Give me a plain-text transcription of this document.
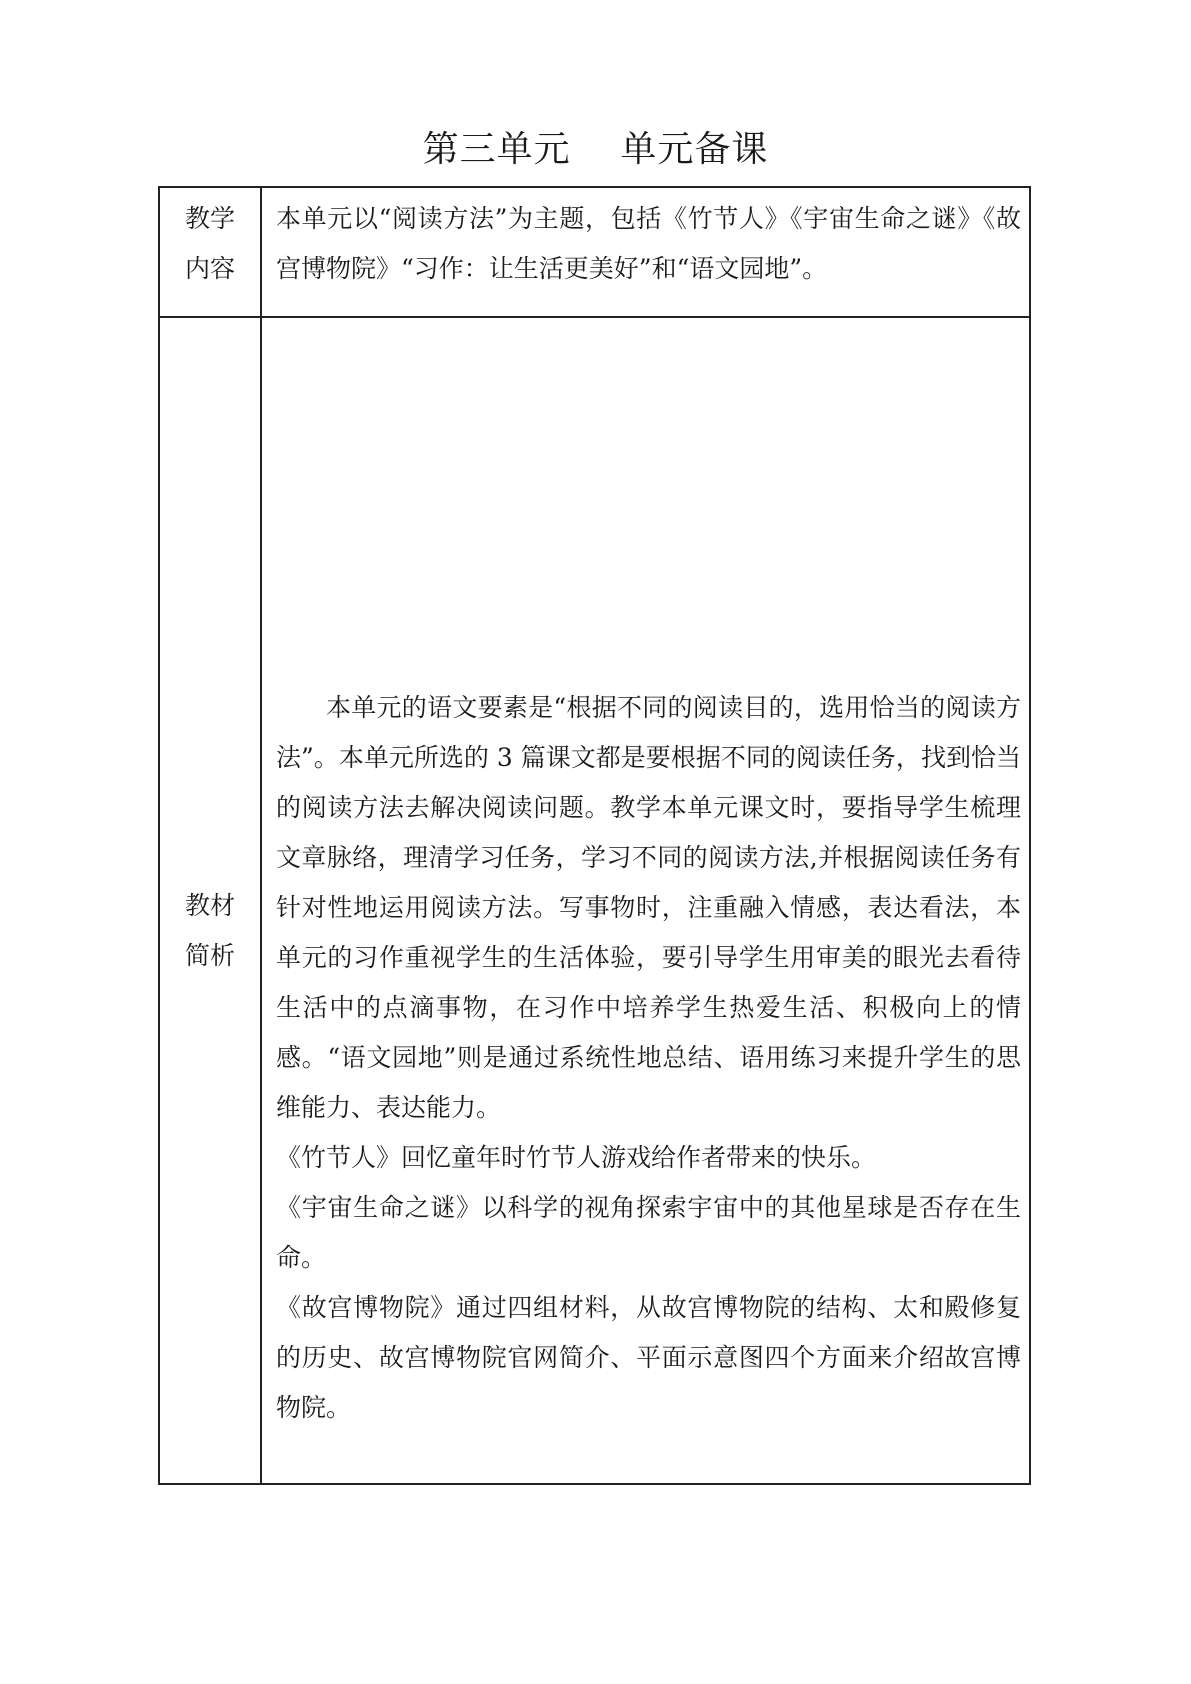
第三单元    单元备课
教学
内容

本单元以“阅读方法”为主题，包括《竹节人》《宇宙生命之谜》《故宫博物院》“习作：让生活更美好”和“语文园地”。

教材
简析

本单元的语文要素是“根据不同的阅读目的，选用恰当的阅读方法”。本单元所选的 3 篇课文都是要根据不同的阅读任务，找到恰当的阅读方法去解决阅读问题。教学本单元课文时，要指导学生梳理文章脉络，理清学习任务，学习不同的阅读方法,并根据阅读任务有针对性地运用阅读方法。写事物时，注重融入情感，表达看法，本单元的习作重视学生的生活体验，要引导学生用审美的眼光去看待生活中的点滴事物，在习作中培养学生热爱生活、积极向上的情感。“语文园地”则是通过系统性地总结、语用练习来提升学生的思维能力、表达能力。

《竹节人》回忆童年时竹节人游戏给作者带来的快乐。

《宇宙生命之谜》以科学的视角探索宇宙中的其他星球是否存在生命。

《故宫博物院》通过四组材料，从故宫博物院的结构、太和殿修复的历史、故宫博物院官网简介、平面示意图四个方面来介绍故宫博物院。
